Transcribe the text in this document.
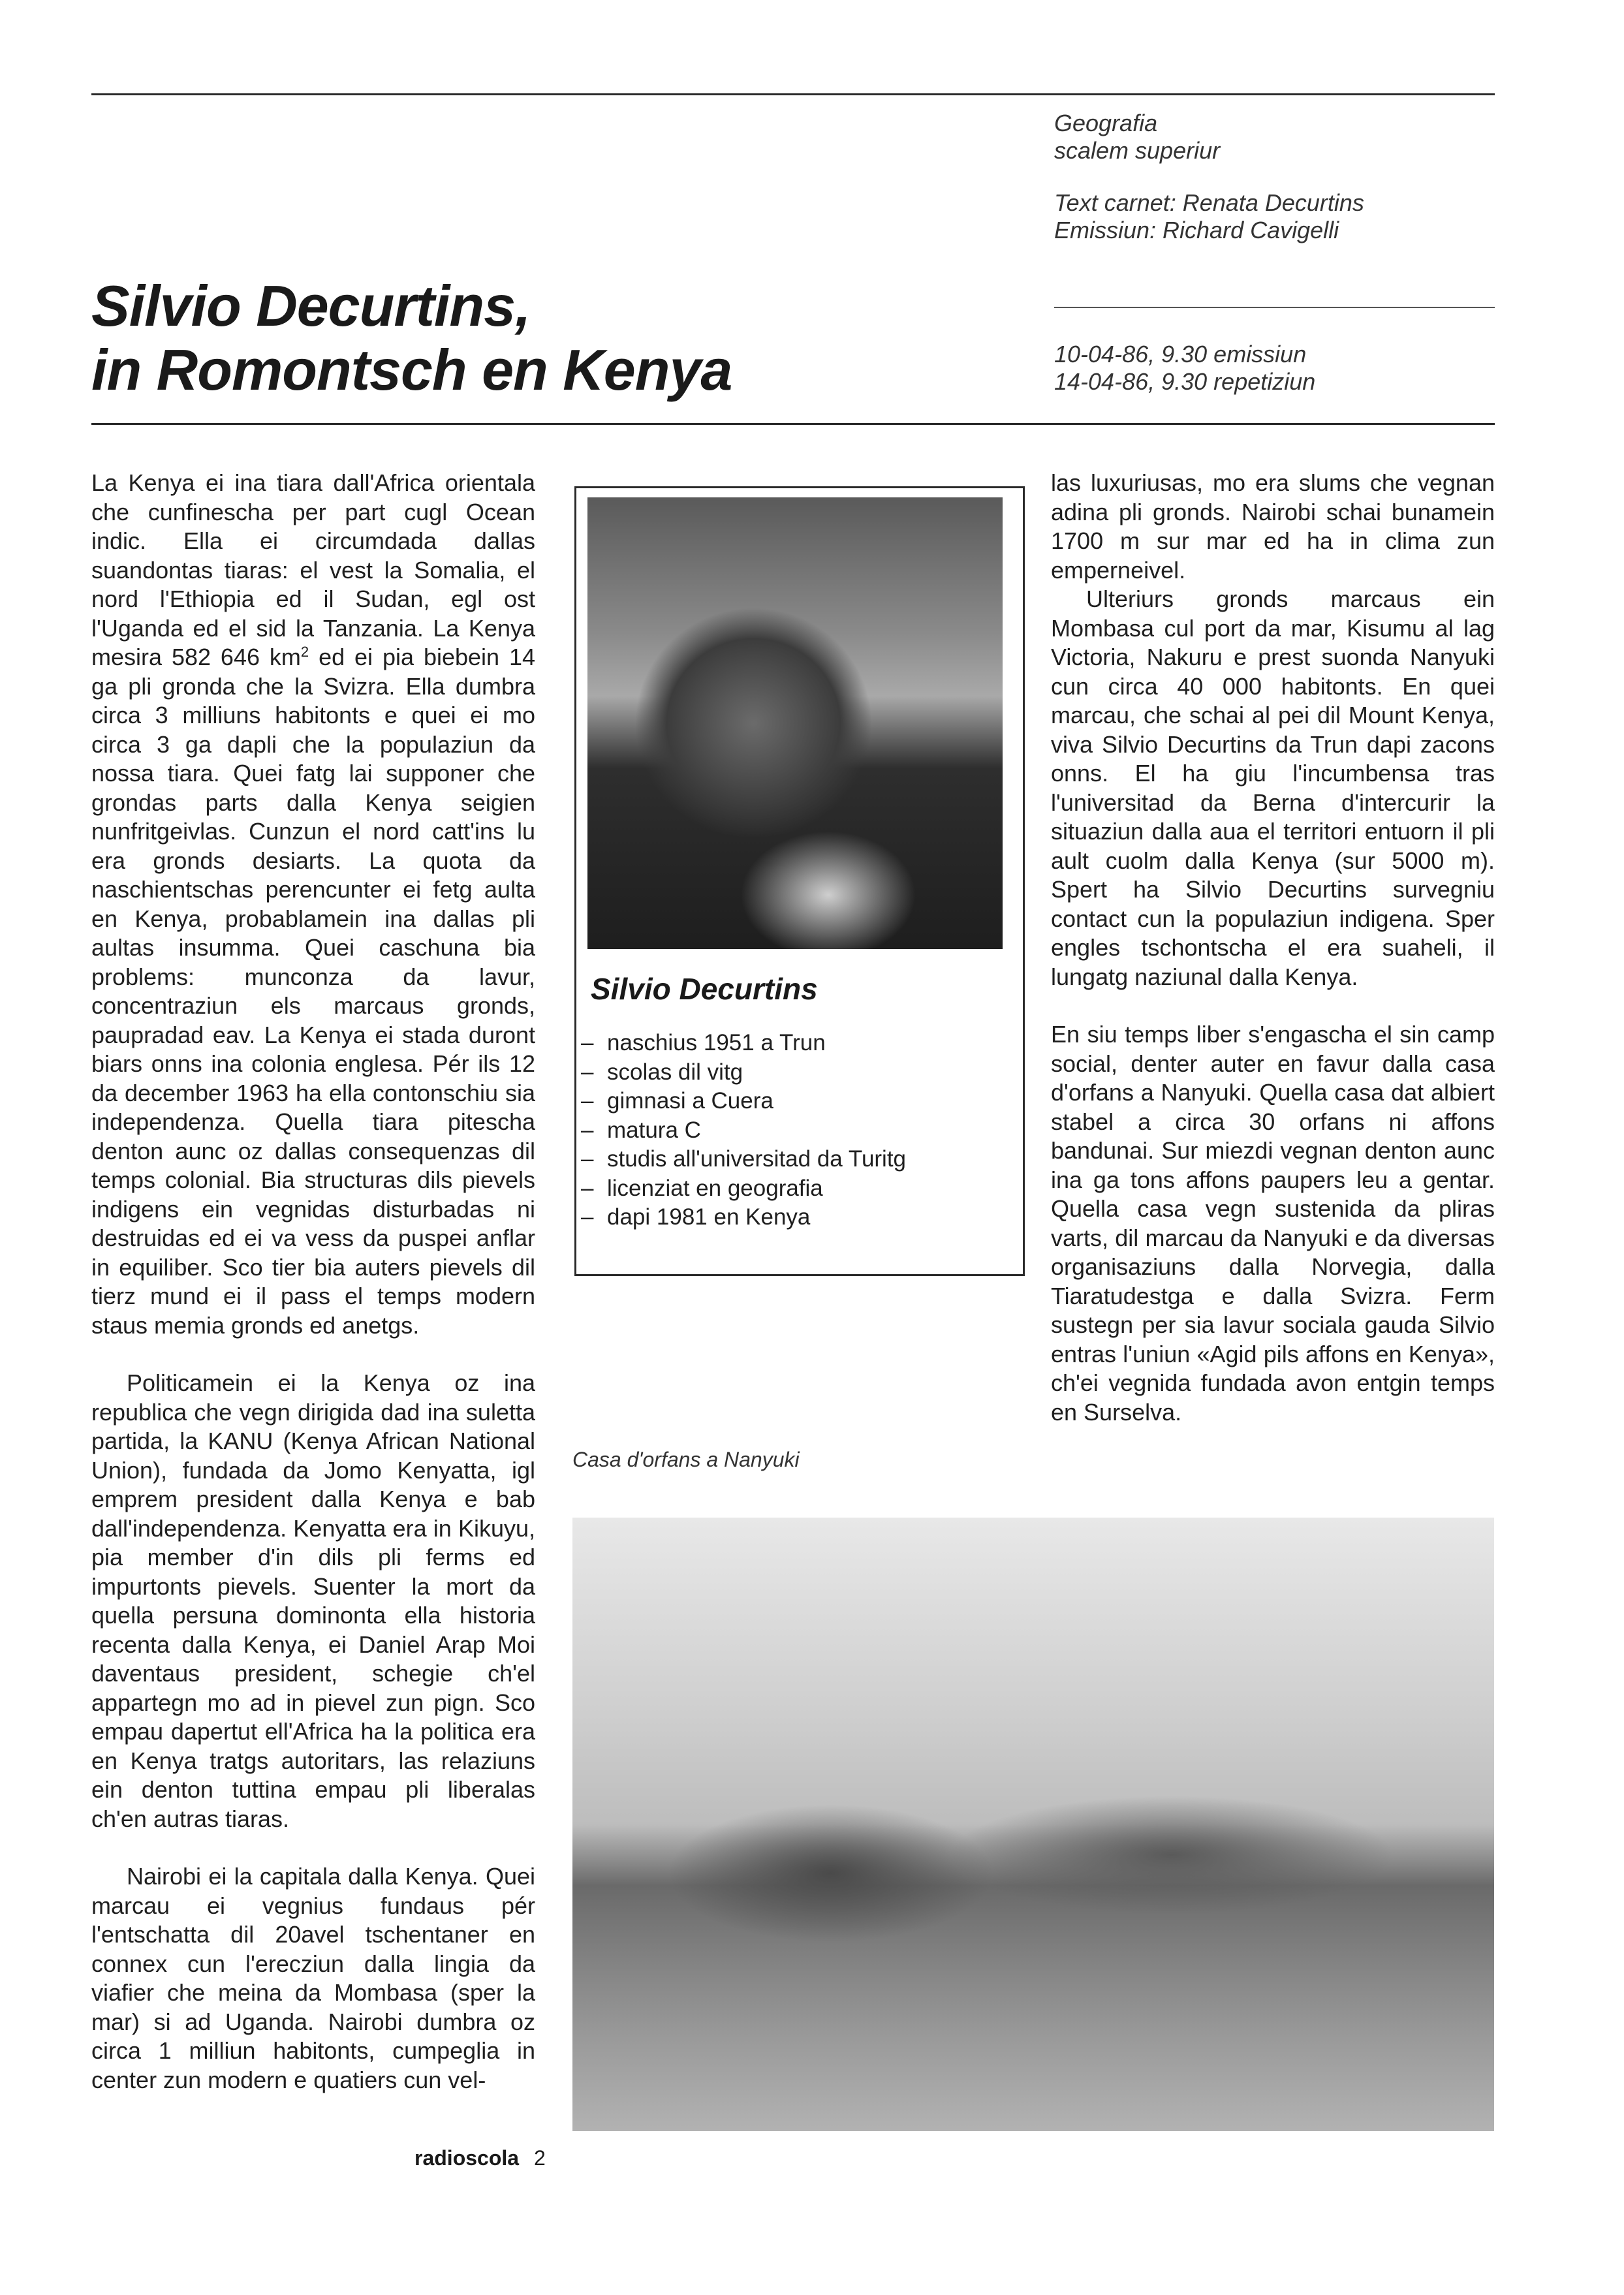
Geografia
scalem superiur
Text carnet: Renata Decurtins
Emissiun: Richard Cavigelli
10-04-86, 9.30 emissiun
14-04-86, 9.30 repetiziun
Silvio Decurtins,
in Romontsch en Kenya

La Kenya ei ina tiara dall'Africa orientala che cunfinescha per part cugl Ocean indic. Ella ei circumdada dallas suandontas tiaras: el vest la Somalia, el nord l'Ethiopia ed il Sudan, egl ost l'Uganda ed el sid la Tanzania. La Kenya mesira 582 646 $km^2$ ed ei pia biebein 14 ga pli gronda che la Svizra. Ella dumbra circa 3 milliuns habitonts e quei ei mo circa 3 ga dapli che la populaziun da nossa tiara. Quei fatg lai supponer che grondas parts dalla Kenya seigien nunfritgeivlas. Cunzun el nord catt'ins lu era gronds desiarts. La quota da naschientschas perencunter ei fetg aulta en Kenya, probablamein ina dallas pli aultas insumma. Quei caschuna bia problems: munconza da lavur, concentraziun els marcaus gronds, paupradad eav. La Kenya ei stada duront biars onns ina colonia englesa. Pér ils 12 da december 1963 ha ella contonschiu sia independenza. Quella tiara pitescha denton aunc oz dallas consequenzas dil temps colonial. Bia structuras dils pievels indigens ein vegnidas disturbadas ni destruidas ed ei va vess da puspei anflar in equiliber. Sco tier bia auters pievels dil tierz mund ei il pass el temps modern staus memia gronds ed anetgs.

Politicamein ei la Kenya oz ina republica che vegn dirigida dad ina suletta partida, la KANU (Kenya African National Union), fundada da Jomo Kenyatta, igl emprem president dalla Kenya e bab dall'independenza. Kenyatta era in Kikuyu, pia member d'in dils pli ferms ed impurtonts pievels. Suenter la mort da quella persuna dominonta ella historia recenta dalla Kenya, ei Daniel Arap Moi daventaus president, schegie ch'el appartegn mo ad in pievel zun pign. Sco empau dapertut ell'Africa ha la politica era en Kenya tratgs autoritars, las relaziuns ein denton tuttina empau pli liberalas ch'en autras tiaras.

Nairobi ei la capitala dalla Kenya. Quei marcau ei vegnius fundaus pér l'entschatta dil 20avel tschentaner en connex cun l'erecziun dalla lingia da viafier che meina da Mombasa (sper la mar) si ad Uganda. Nairobi dumbra oz circa 1 milliun habitonts, cumpeglia in center zun modern e quatiers cun vel-

Silvio Decurtins
– naschius 1951 a Trun
– scolas dil vitg
– gimnasi a Cuera
– matura C
– studis all'universitad da Turitg
– licenziat en geografia
– dapi 1981 en Kenya

las luxuriusas, mo era slums che vegnan adina pli gronds. Nairobi schai bunamein 1700 m sur mar ed ha in clima zun emperneivel.

Ulteriurs gronds marcaus ein Mombasa cul port da mar, Kisumu al lag Victoria, Nakuru e prest suonda Nanyuki cun circa 40 000 habitonts. En quei marcau, che schai al pei dil Mount Kenya, viva Silvio Decurtins da Trun dapi zacons onns. El ha giu l'incumbensa tras l'universitad da Berna d'intercurir la situaziun dalla aua el territori entuorn il pli ault cuolm dalla Kenya (sur 5000 m). Spert ha Silvio Decurtins survegniu contact cun la populaziun indigena. Sper engles tschontscha el era suaheli, il lungatg naziunal dalla Kenya.

En siu temps liber s'engascha el sin camp social, denter auter en favur dalla casa d'orfans a Nanyuki. Quella casa dat albiert stabel a circa 30 orfans ni affons bandunai. Sur miezdi vegnan denton aunc ina ga tons affons paupers leu a gentar. Quella casa vegn sustenida da pliras varts, dil marcau da Nanyuki e da diversas organisaziuns dalla Norvegia, dalla Tiaratudestga e dalla Svizra. Ferm sustegn per sia lavur sociala gauda Silvio entras l'uniun «Agid pils affons en Kenya», ch'ei vegnida fundada avon entgin temps en Surselva.

Casa d'orfans a Nanyuki
radioscola 2
